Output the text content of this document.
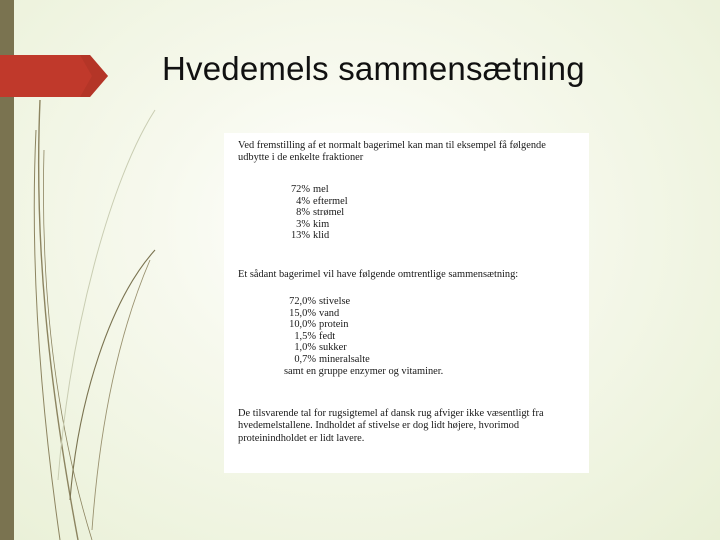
Hvedemels sammensætning

Ved fremstilling af et normalt bagerimel kan man til eksempel få følgende
udbytte i de enkelte fraktioner

72% mel
4% eftermel
8% strømel
3% kim
13% klid

Et sådant bagerimel vil have følgende omtrentlige sammensætning:

72,0% stivelse
15,0% vand
10,0% protein
1,5% fedt
1,0% sukker
0,7% mineralsalte
samt en gruppe enzymer og vitaminer.

De tilsvarende tal for rugsigtemel af dansk rug afviger ikke væsentligt fra
hvedemelstallene. Indholdet af stivelse er dog lidt højere, hvorimod
proteinindholdet er lidt lavere.
